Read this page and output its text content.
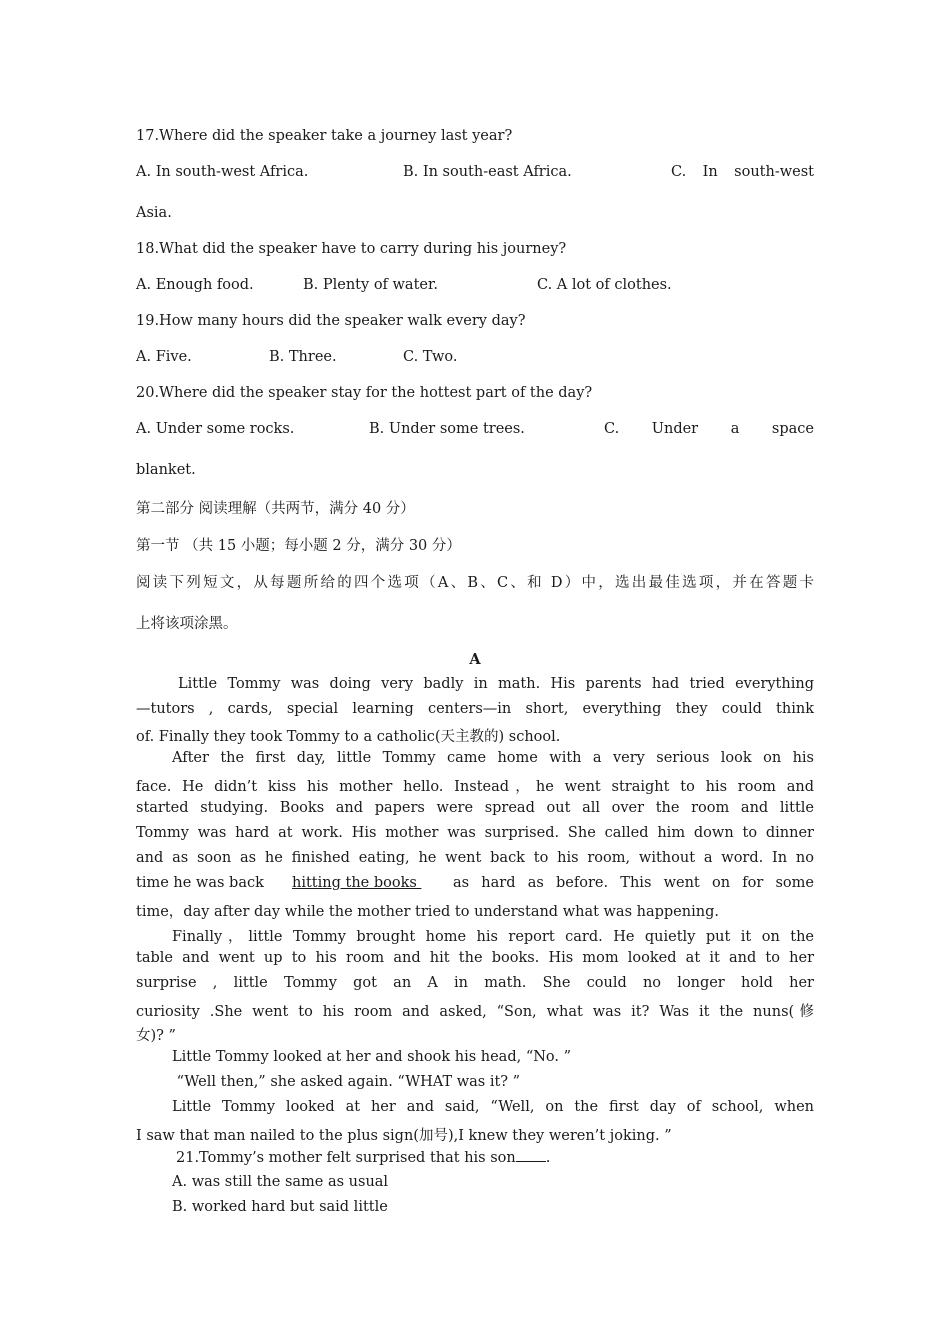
17.Where did the speaker take a journey last year?
A. In south-west Africa.	B. In south-east Africa.	C. In south-west
Asia.
18.What did the speaker have to carry during his journey?
A. Enough food.	B. Plenty of water.	C. A lot of clothes.
19.How many hours did the speaker walk every day?
A. Five.	B. Three.	C. Two.
20.Where did the speaker stay for the hottest part of the day?
A. Under some rocks.	B. Under some trees.	C. Under a space
blanket.
第二部分 阅读理解（共两节，满分 40 分）
第一节 （共 15 小题；每小题 2 分，满分 30 分）
阅读下列短文，从每题所给的四个选项（A、B、C、和 D）中，选出最佳选项，并在答题卡
上将该项涂黑。
A
Little Tommy was doing very badly in math. His parents had tried everything
—tutors , cards, special learning centers—in short, everything they could think
of. Finally they took Tommy to a catholic(天主教的) school.
After the first day, little Tommy came home with a very serious look on his
face. He didn’t kiss his mother hello. Instead，he went straight to his room and
started studying. Books and papers were spread out all over the room and little
Tommy was hard at work. His mother was surprised. She called him down to dinner
and as soon as he finished eating, he went back to his room, without a word. In no
time he was back hitting the books as hard as before. This went on for some
time，day after day while the mother tried to understand what was happening.
Finally，little Tommy brought home his report card. He quietly put it on the
table and went up to his room and hit the books. His mom looked at it and to her
surprise , little Tommy got an A in math. She could no longer hold her
curiosity .She went to his room and asked, “Son, what was it? Was it the nuns(修
女)? ”
Little Tommy looked at her and shook his head, “No. ”
“Well then,” she asked again. “WHAT was it? ”
Little Tommy looked at her and said, “Well, on the first day of school, when
I saw that man nailed to the plus sign(加号),I knew they weren’t joking. ”
21.Tommy’s mother felt surprised that his son .
A. was still the same as usual
B. worked hard but said little
